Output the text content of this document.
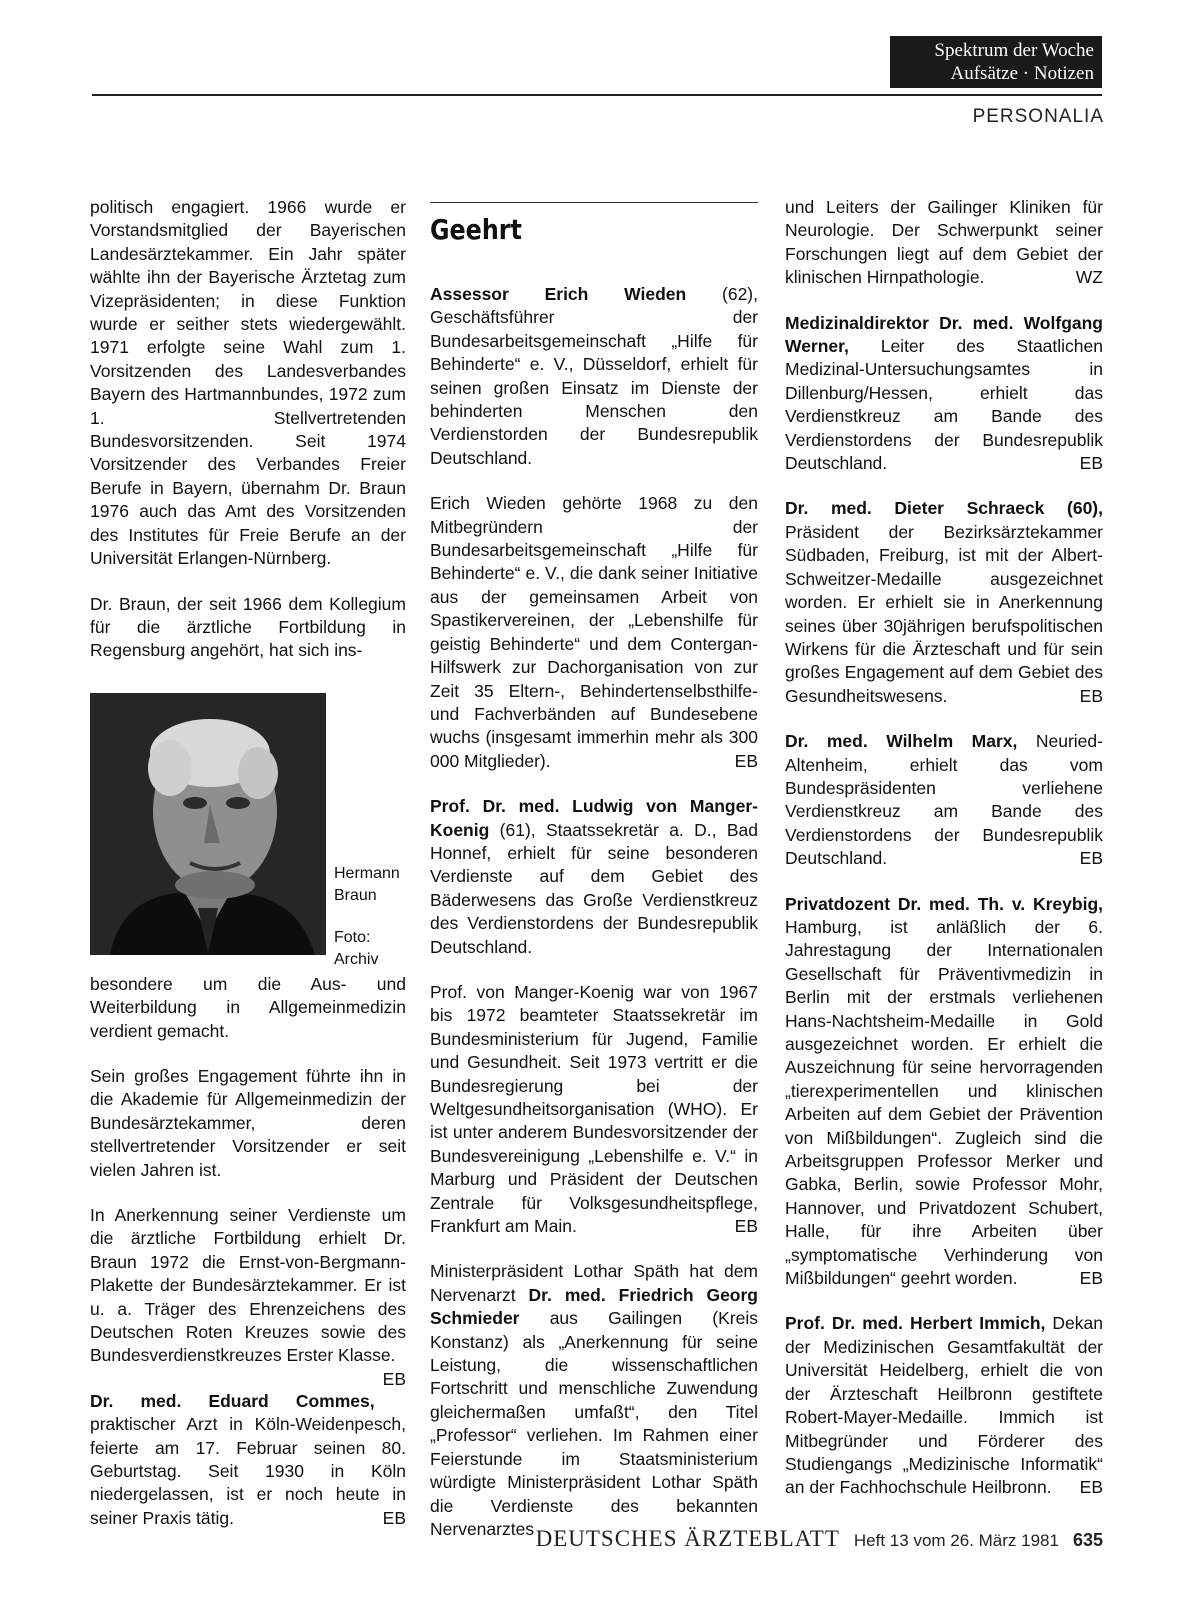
Spektrum der Woche
Aufsätze · Notizen
PERSONALIA

politisch engagiert. 1966 wurde er Vorstandsmitglied der Bayerischen Landesärztekammer. Ein Jahr später wählte ihn der Bayerische Ärztetag zum Vizepräsidenten; in diese Funktion wurde er seither stets wiedergewählt. 1971 erfolgte seine Wahl zum 1. Vorsitzenden des Landesverbandes Bayern des Hartmannbundes, 1972 zum 1. Stellvertretenden Bundesvorsitzenden. Seit 1974 Vorsitzender des Verbandes Freier Berufe in Bayern, übernahm Dr. Braun 1976 auch das Amt des Vorsitzenden des Institutes für Freie Berufe an der Universität Erlangen-Nürnberg.

Dr. Braun, der seit 1966 dem Kollegium für die ärztliche Fortbildung in Regensburg angehört, hat sich ins-

Hermann
Braun
Foto:
Archiv

besondere um die Aus- und Weiterbildung in Allgemeinmedizin verdient gemacht.

Sein großes Engagement führte ihn in die Akademie für Allgemeinmedizin der Bundesärztekammer, deren stellvertretender Vorsitzender er seit vielen Jahren ist.

In Anerkennung seiner Verdienste um die ärztliche Fortbildung erhielt Dr. Braun 1972 die Ernst-von-Bergmann-Plakette der Bundesärztekammer. Er ist u. a. Träger des Ehrenzeichens des Deutschen Roten Kreuzes sowie des Bundesverdienstkreuzes Erster Klasse.
EB

Dr. med. Eduard Commes, praktischer Arzt in Köln-Weidenpesch, feierte am 17. Februar seinen 80. Geburtstag. Seit 1930 in Köln niedergelassen, ist er noch heute in seiner Praxis tätig.	EB

Geehrt

Assessor Erich Wieden (62), Geschäftsführer der Bundesarbeitsgemeinschaft „Hilfe für Behinderte“ e. V., Düsseldorf, erhielt für seinen großen Einsatz im Dienste der behinderten Menschen den Verdienstorden der Bundesrepublik Deutschland.

Erich Wieden gehörte 1968 zu den Mitbegründern der Bundesarbeitsgemeinschaft „Hilfe für Behinderte“ e. V., die dank seiner Initiative aus der gemeinsamen Arbeit von Spastikervereinen, der „Lebenshilfe für geistig Behinderte“ und dem Contergan-Hilfswerk zur Dachorganisation von zur Zeit 35 Eltern-, Behindertenselbsthilfe- und Fachverbänden auf Bundesebene wuchs (insgesamt immerhin mehr als 300 000 Mitglieder).	EB

Prof. Dr. med. Ludwig von Manger-Koenig (61), Staatssekretär a. D., Bad Honnef, erhielt für seine besonderen Verdienste auf dem Gebiet des Bäderwesens das Große Verdienstkreuz des Verdienstordens der Bundesrepublik Deutschland.

Prof. von Manger-Koenig war von 1967 bis 1972 beamteter Staatssekretär im Bundesministerium für Jugend, Familie und Gesundheit. Seit 1973 vertritt er die Bundesregierung bei der Weltgesundheitsorganisation (WHO). Er ist unter anderem Bundesvorsitzender der Bundesvereinigung „Lebenshilfe e. V.“ in Marburg und Präsident der Deutschen Zentrale für Volksgesundheitspflege, Frankfurt am Main.	EB

Ministerpräsident Lothar Späth hat dem Nervenarzt Dr. med. Friedrich Georg Schmieder aus Gailingen (Kreis Konstanz) als „Anerkennung für seine Leistung, die wissenschaftlichen Fortschritt und menschliche Zuwendung gleichermaßen umfaßt“, den Titel „Professor“ verliehen. Im Rahmen einer Feierstunde im Staatsministerium würdigte Ministerpräsident Lothar Späth die Verdienste des bekannten Nervenarztes

und Leiters der Gailinger Kliniken für Neurologie. Der Schwerpunkt seiner Forschungen liegt auf dem Gebiet der klinischen Hirnpathologie.	WZ

Medizinaldirektor Dr. med. Wolfgang Werner, Leiter des Staatlichen Medizinal-Untersuchungsamtes in Dillenburg/Hessen, erhielt das Verdienstkreuz am Bande des Verdienstordens der Bundesrepublik Deutschland.	EB

Dr. med. Dieter Schraeck (60), Präsident der Bezirksärztekammer Südbaden, Freiburg, ist mit der Albert-Schweitzer-Medaille ausgezeichnet worden. Er erhielt sie in Anerkennung seines über 30jährigen berufspolitischen Wirkens für die Ärzteschaft und für sein großes Engagement auf dem Gebiet des Gesundheitswesens.	EB

Dr. med. Wilhelm Marx, Neuried-Altenheim, erhielt das vom Bundespräsidenten verliehene Verdienstkreuz am Bande des Verdienstordens der Bundesrepublik Deutschland.	EB

Privatdozent Dr. med. Th. v. Kreybig, Hamburg, ist anläßlich der 6. Jahrestagung der Internationalen Gesellschaft für Präventivmedizin in Berlin mit der erstmals verliehenen Hans-Nachtsheim-Medaille in Gold ausgezeichnet worden. Er erhielt die Auszeichnung für seine hervorragenden „tierexperimentellen und klinischen Arbeiten auf dem Gebiet der Prävention von Mißbildungen“. Zugleich sind die Arbeitsgruppen Professor Merker und Gabka, Berlin, sowie Professor Mohr, Hannover, und Privatdozent Schubert, Halle, für ihre Arbeiten über „symptomatische Verhinderung von Mißbildungen“ geehrt worden.	EB

Prof. Dr. med. Herbert Immich, Dekan der Medizinischen Gesamtfakultät der Universität Heidelberg, erhielt die von der Ärzteschaft Heilbronn gestiftete Robert-Mayer-Medaille. Immich ist Mitbegründer und Förderer des Studiengangs „Medizinische Informatik“ an der Fachhochschule Heilbronn. EB

DEUTSCHES ÄRZTEBLATT Heft 13 vom 26. März 1981 635
